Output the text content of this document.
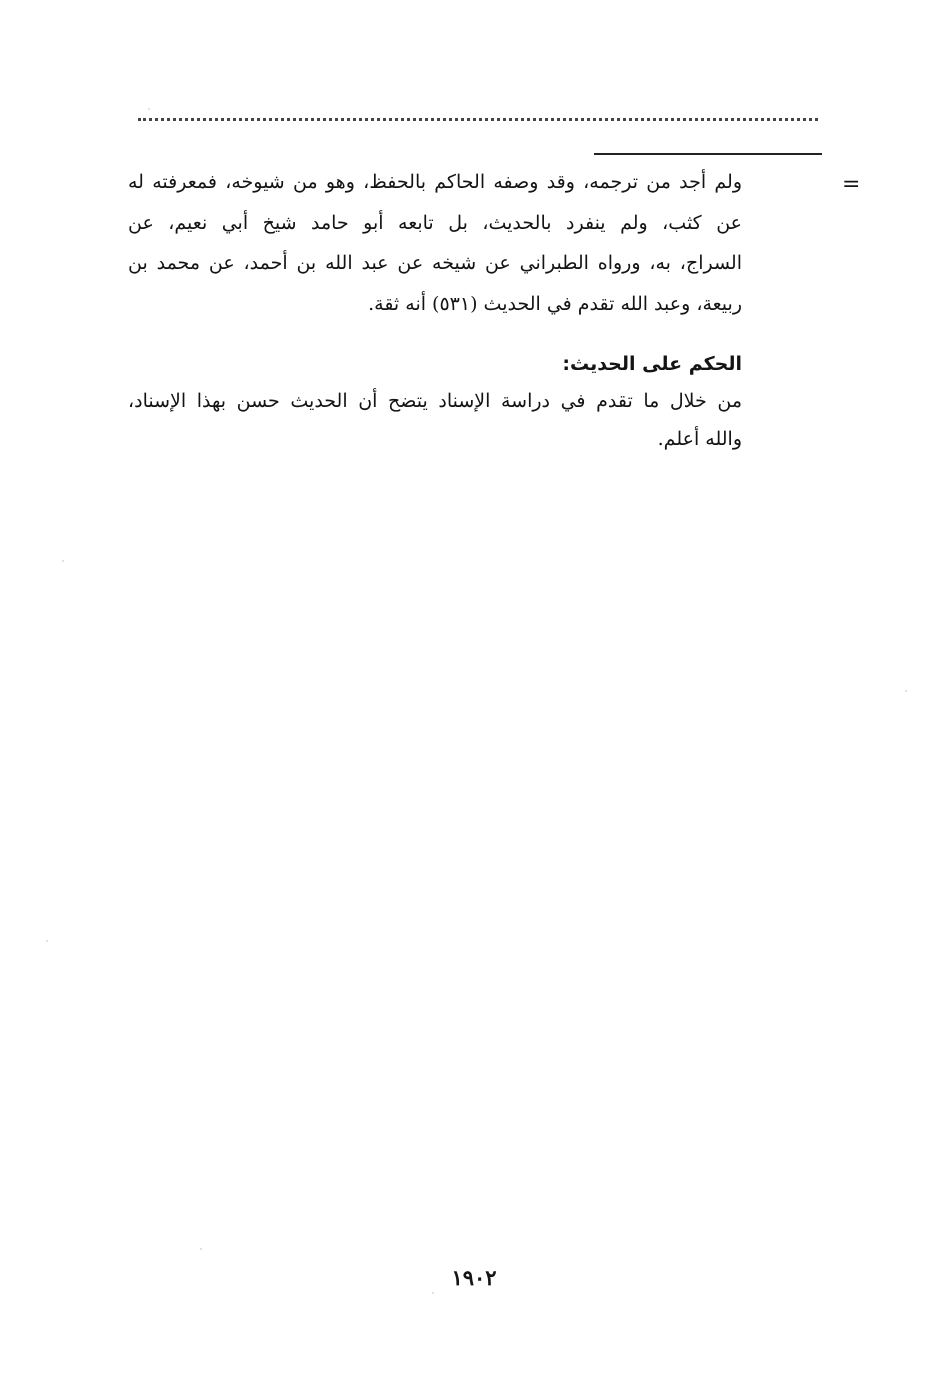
=
ولم أجد من ترجمه، وقد وصفه الحاكم بالحفظ، وهو من شيوخه، فمعرفته له
عن كثب، ولم ينفرد بالحديث، بل تابعه أبو حامد شيخ أبي نعيم، عن
السراج، به، ورواه الطبراني عن شيخه عن عبد الله بن أحمد، عن محمد بن
ربيعة، وعبد الله تقدم في الحديث (٥٣١) أنه ثقة.
الحكم على الحديث:
من خلال ما تقدم في دراسة الإسناد يتضح أن الحديث حسن بهذا الإسناد،
والله أعلم.
١٩٠٢
